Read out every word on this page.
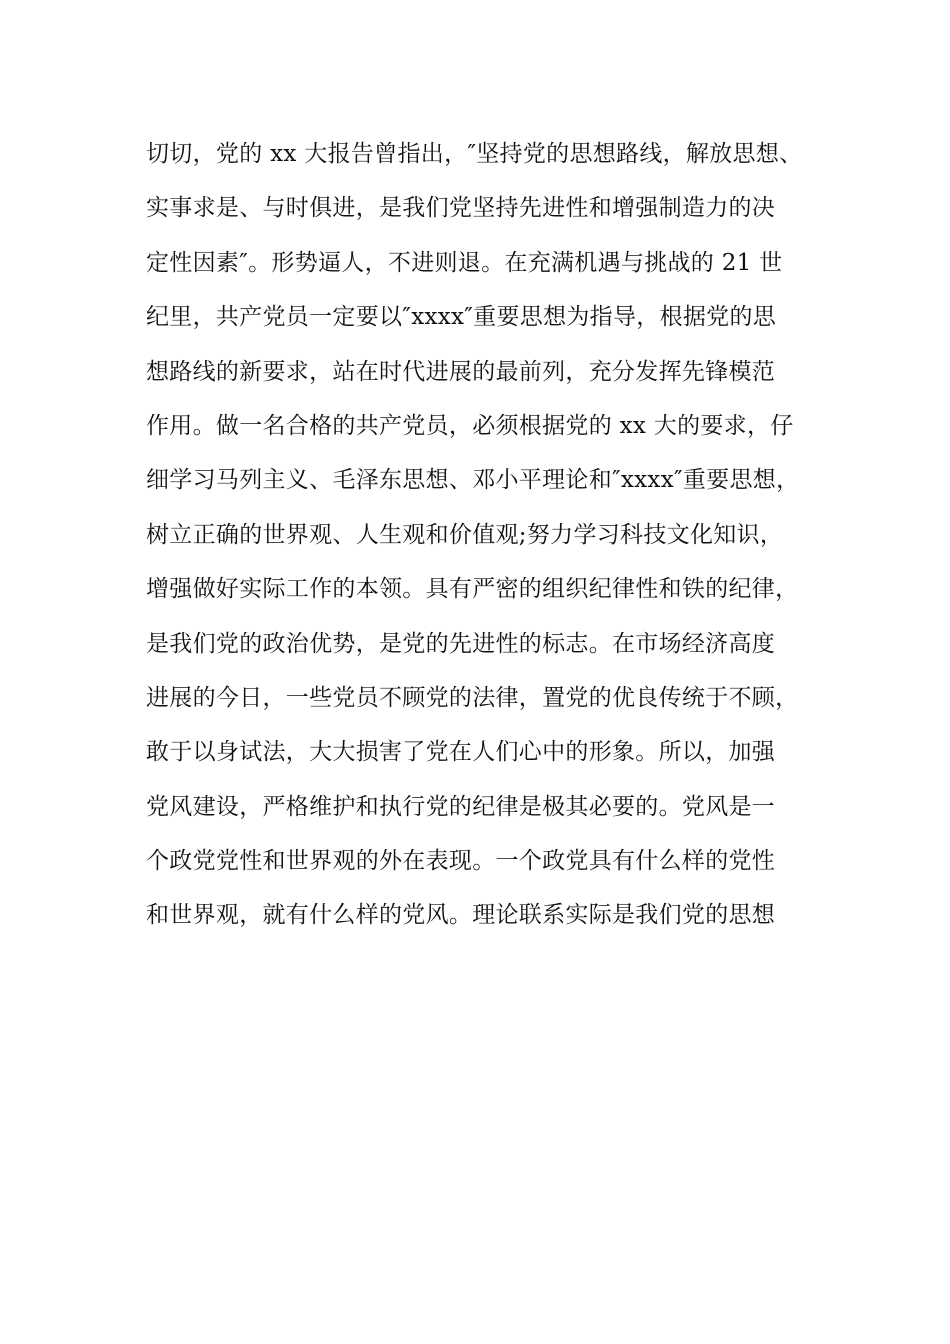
切切，党的 xx 大报告曾指出，″坚持党的思想路线，解放思想、
实事求是、与时俱进，是我们党坚持先进性和增强制造力的决
定性因素″。形势逼人，不进则退。在充满机遇与挑战的 21 世
纪里，共产党员一定要以″xxxx″重要思想为指导，根据党的思
想路线的新要求，站在时代进展的最前列，充分发挥先锋模范
作用。做一名合格的共产党员，必须根据党的 xx 大的要求，仔
细学习马列主义、毛泽东思想、邓小平理论和″xxxx″重要思想，
树立正确的世界观、人生观和价值观;努力学习科技文化知识，
增强做好实际工作的本领。具有严密的组织纪律性和铁的纪律，
是我们党的政治优势，是党的先进性的标志。在市场经济高度
进展的今日，一些党员不顾党的法律，置党的优良传统于不顾，
敢于以身试法，大大损害了党在人们心中的形象。所以，加强
党风建设，严格维护和执行党的纪律是极其必要的。党风是一
个政党党性和世界观的外在表现。一个政党具有什么样的党性
和世界观，就有什么样的党风。理论联系实际是我们党的思想
